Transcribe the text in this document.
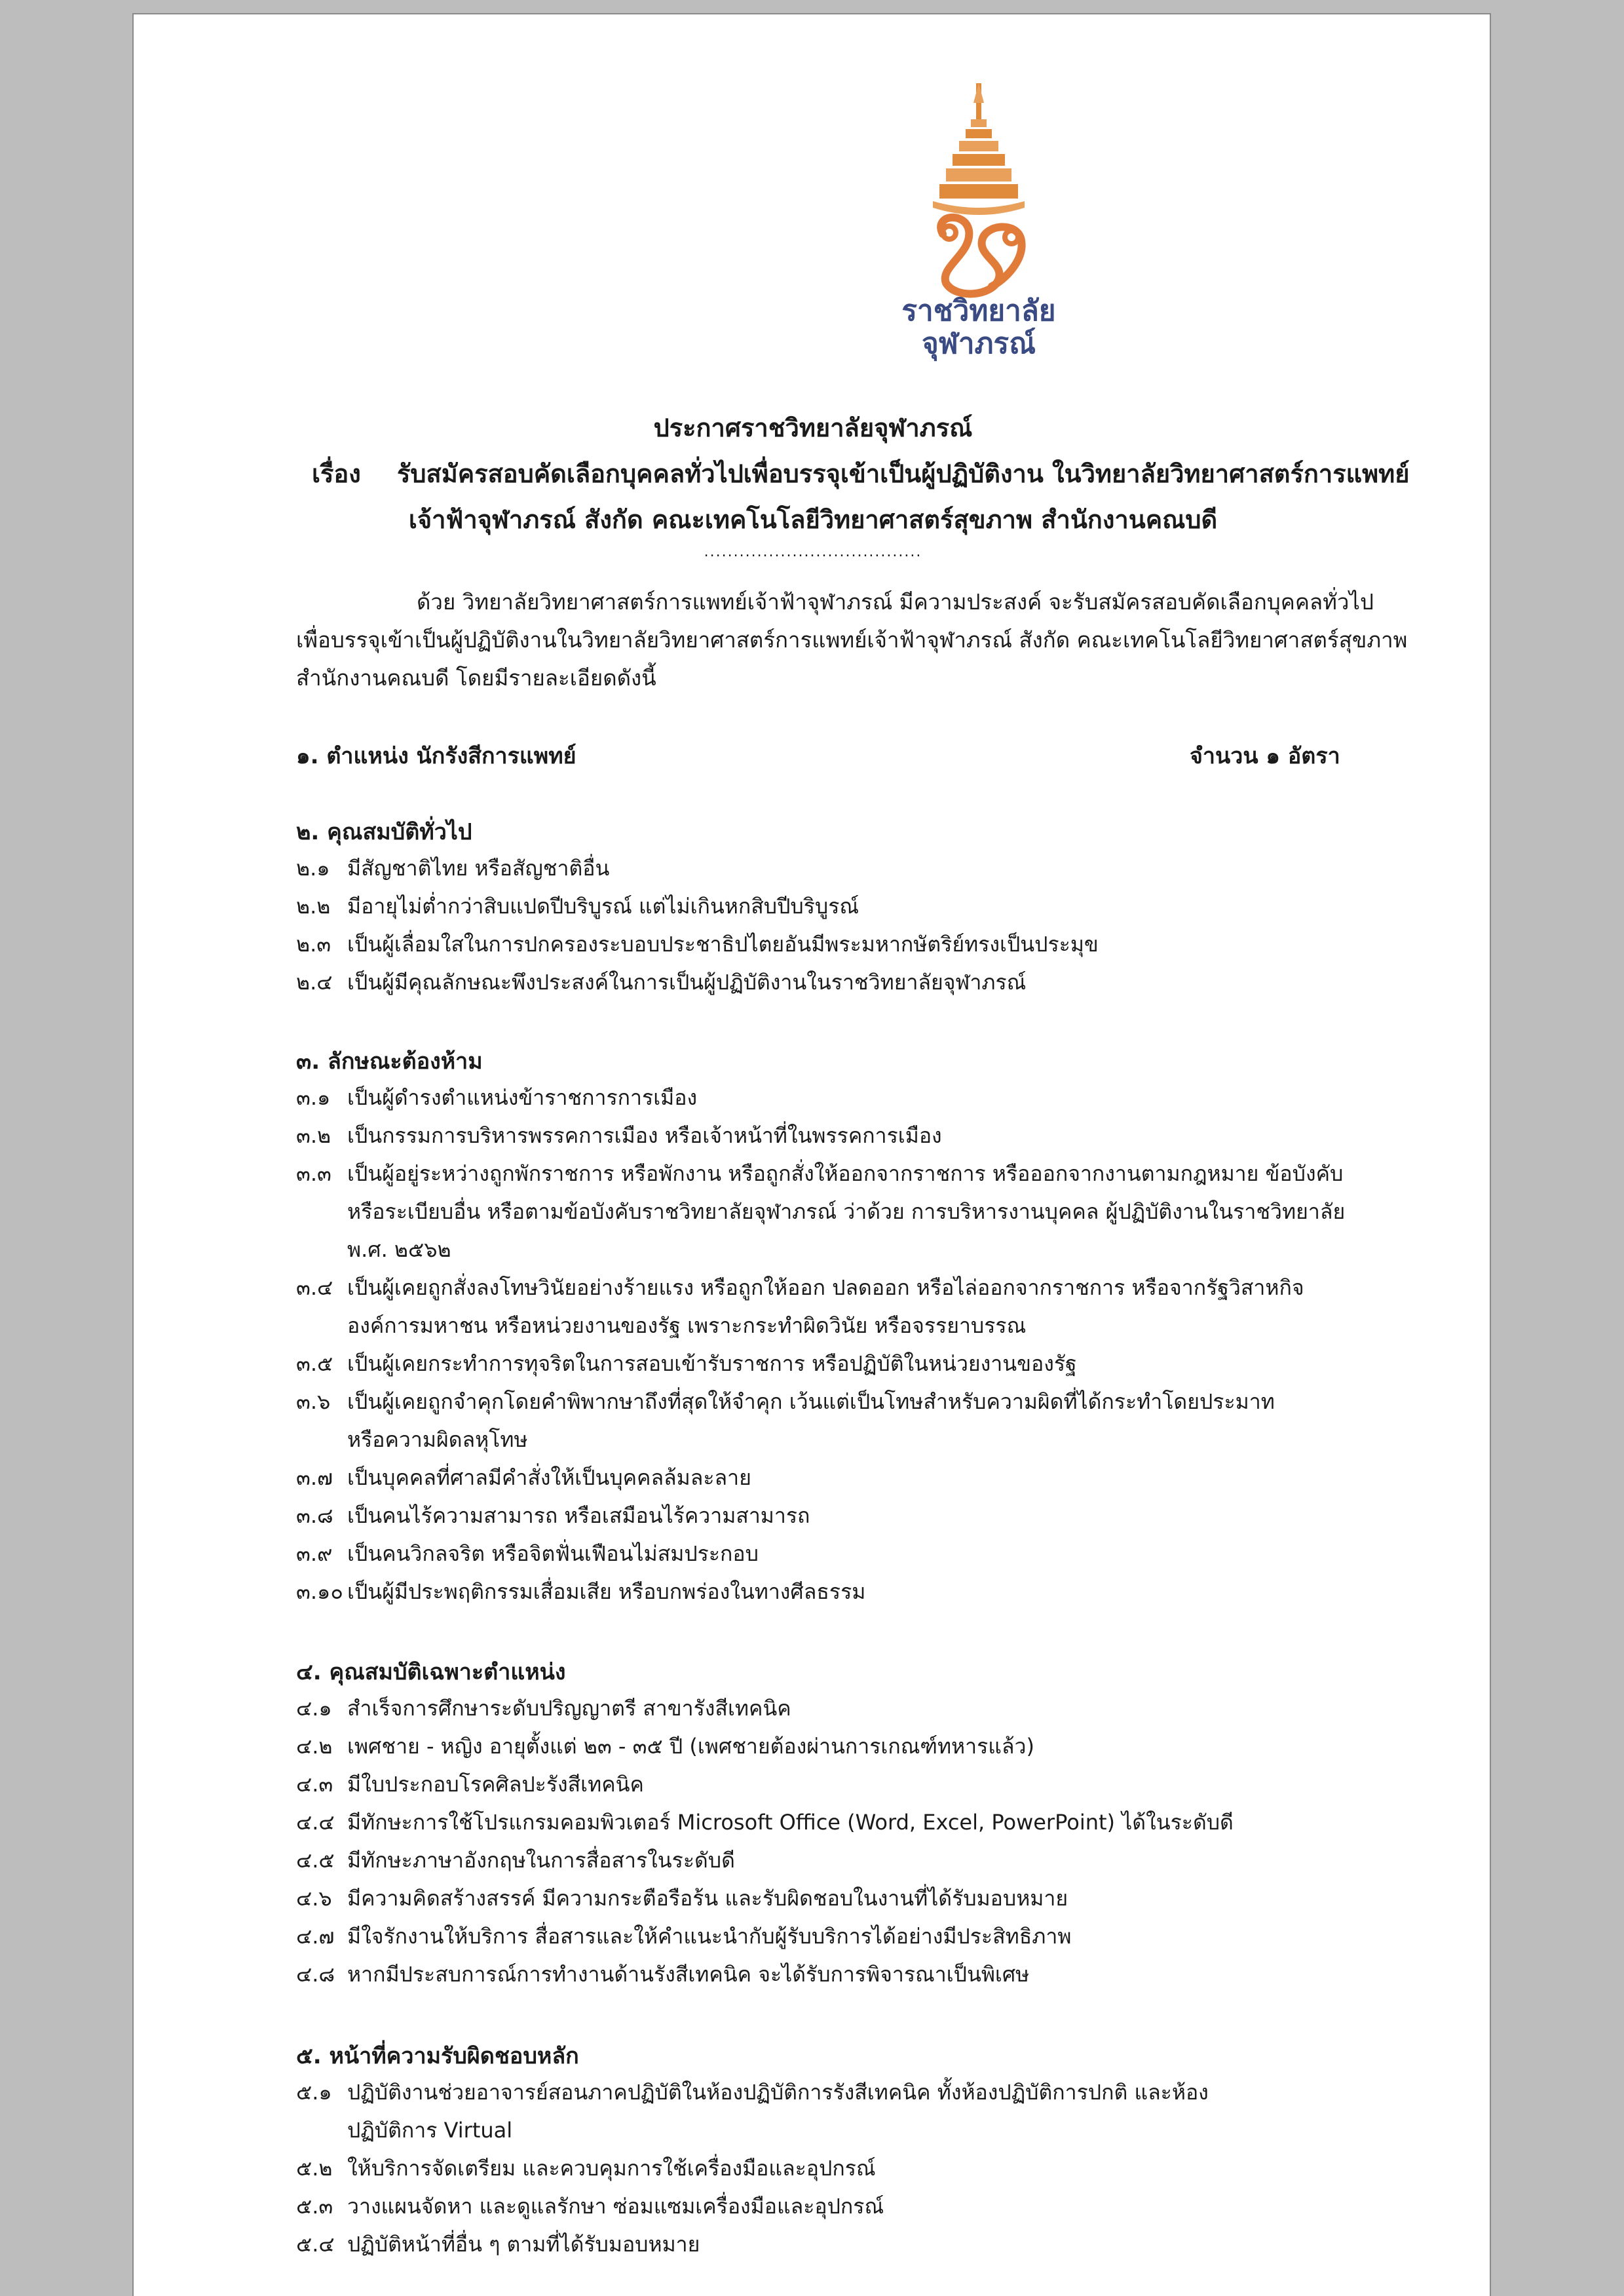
ราชวิทยาลัย
จุฬาภรณ์
ประกาศราชวิทยาลัยจุฬาภรณ์
เรื่อง รับสมัครสอบคัดเลือกบุคคลทั่วไปเพื่อบรรจุเข้าเป็นผู้ปฏิบัติงาน ในวิทยาลัยวิทยาศาสตร์การแพทย์
เจ้าฟ้าจุฬาภรณ์ สังกัด คณะเทคโนโลยีวิทยาศาสตร์สุขภาพ สำนักงานคณบดี
.....................................
ด้วย วิทยาลัยวิทยาศาสตร์การแพทย์เจ้าฟ้าจุฬาภรณ์ มีความประสงค์ จะรับสมัครสอบคัดเลือกบุคคลทั่วไป
เพื่อบรรจุเข้าเป็นผู้ปฏิบัติงานในวิทยาลัยวิทยาศาสตร์การแพทย์เจ้าฟ้าจุฬาภรณ์ สังกัด คณะเทคโนโลยีวิทยาศาสตร์สุขภาพ
สำนักงานคณบดี โดยมีรายละเอียดดังนี้
๑. ตำแหน่ง นักรังสีการแพทย์	จำนวน ๑ อัตรา
๒. คุณสมบัติทั่วไป
๒.๑ มีสัญชาติไทย หรือสัญชาติอื่น
๒.๒ มีอายุไม่ต่ำกว่าสิบแปดปีบริบูรณ์ แต่ไม่เกินหกสิบปีบริบูรณ์
๒.๓ เป็นผู้เลื่อมใสในการปกครองระบอบประชาธิปไตยอันมีพระมหากษัตริย์ทรงเป็นประมุข
๒.๔ เป็นผู้มีคุณลักษณะพึงประสงค์ในการเป็นผู้ปฏิบัติงานในราชวิทยาลัยจุฬาภรณ์
๓. ลักษณะต้องห้าม
๓.๑ เป็นผู้ดำรงตำแหน่งข้าราชการการเมือง
๓.๒ เป็นกรรมการบริหารพรรคการเมือง หรือเจ้าหน้าที่ในพรรคการเมือง
๓.๓ เป็นผู้อยู่ระหว่างถูกพักราชการ หรือพักงาน หรือถูกสั่งให้ออกจากราชการ หรือออกจากงานตามกฎหมาย ข้อบังคับ
หรือระเบียบอื่น หรือตามข้อบังคับราชวิทยาลัยจุฬาภรณ์ ว่าด้วย การบริหารงานบุคคล ผู้ปฏิบัติงานในราชวิทยาลัย
พ.ศ. ๒๕๖๒
๓.๔ เป็นผู้เคยถูกสั่งลงโทษวินัยอย่างร้ายแรง หรือถูกให้ออก ปลดออก หรือไล่ออกจากราชการ หรือจากรัฐวิสาหกิจ
องค์การมหาชน หรือหน่วยงานของรัฐ เพราะกระทำผิดวินัย หรือจรรยาบรรณ
๓.๕ เป็นผู้เคยกระทำการทุจริตในการสอบเข้ารับราชการ หรือปฏิบัติในหน่วยงานของรัฐ
๓.๖ เป็นผู้เคยถูกจำคุกโดยคำพิพากษาถึงที่สุดให้จำคุก เว้นแต่เป็นโทษสำหรับความผิดที่ได้กระทำโดยประมาท
หรือความผิดลหุโทษ
๓.๗ เป็นบุคคลที่ศาลมีคำสั่งให้เป็นบุคคลล้มละลาย
๓.๘ เป็นคนไร้ความสามารถ หรือเสมือนไร้ความสามารถ
๓.๙ เป็นคนวิกลจริต หรือจิตฟั่นเฟือนไม่สมประกอบ
๓.๑๐ เป็นผู้มีประพฤติกรรมเสื่อมเสีย หรือบกพร่องในทางศีลธรรม
๔. คุณสมบัติเฉพาะตำแหน่ง
๔.๑ สำเร็จการศึกษาระดับปริญญาตรี สาขารังสีเทคนิค
๔.๒ เพศชาย - หญิง อายุตั้งแต่ ๒๓ - ๓๕ ปี (เพศชายต้องผ่านการเกณฑ์ทหารแล้ว)
๔.๓ มีใบประกอบโรคศิลปะรังสีเทคนิค
๔.๔ มีทักษะการใช้โปรแกรมคอมพิวเตอร์ Microsoft Office (Word, Excel, PowerPoint) ได้ในระดับดี
๔.๕ มีทักษะภาษาอังกฤษในการสื่อสารในระดับดี
๔.๖ มีความคิดสร้างสรรค์ มีความกระตือรือร้น และรับผิดชอบในงานที่ได้รับมอบหมาย
๔.๗ มีใจรักงานให้บริการ สื่อสารและให้คำแนะนำกับผู้รับบริการได้อย่างมีประสิทธิภาพ
๔.๘ หากมีประสบการณ์การทำงานด้านรังสีเทคนิค จะได้รับการพิจารณาเป็นพิเศษ
๕. หน้าที่ความรับผิดชอบหลัก
๕.๑ ปฏิบัติงานช่วยอาจารย์สอนภาคปฏิบัติในห้องปฏิบัติการรังสีเทคนิค ทั้งห้องปฏิบัติการปกติ และห้อง
ปฏิบัติการ Virtual
๕.๒ ให้บริการจัดเตรียม และควบคุมการใช้เครื่องมือและอุปกรณ์
๕.๓ วางแผนจัดหา และดูแลรักษา ซ่อมแซมเครื่องมือและอุปกรณ์
๕.๔ ปฏิบัติหน้าที่อื่น ๆ ตามที่ได้รับมอบหมาย
